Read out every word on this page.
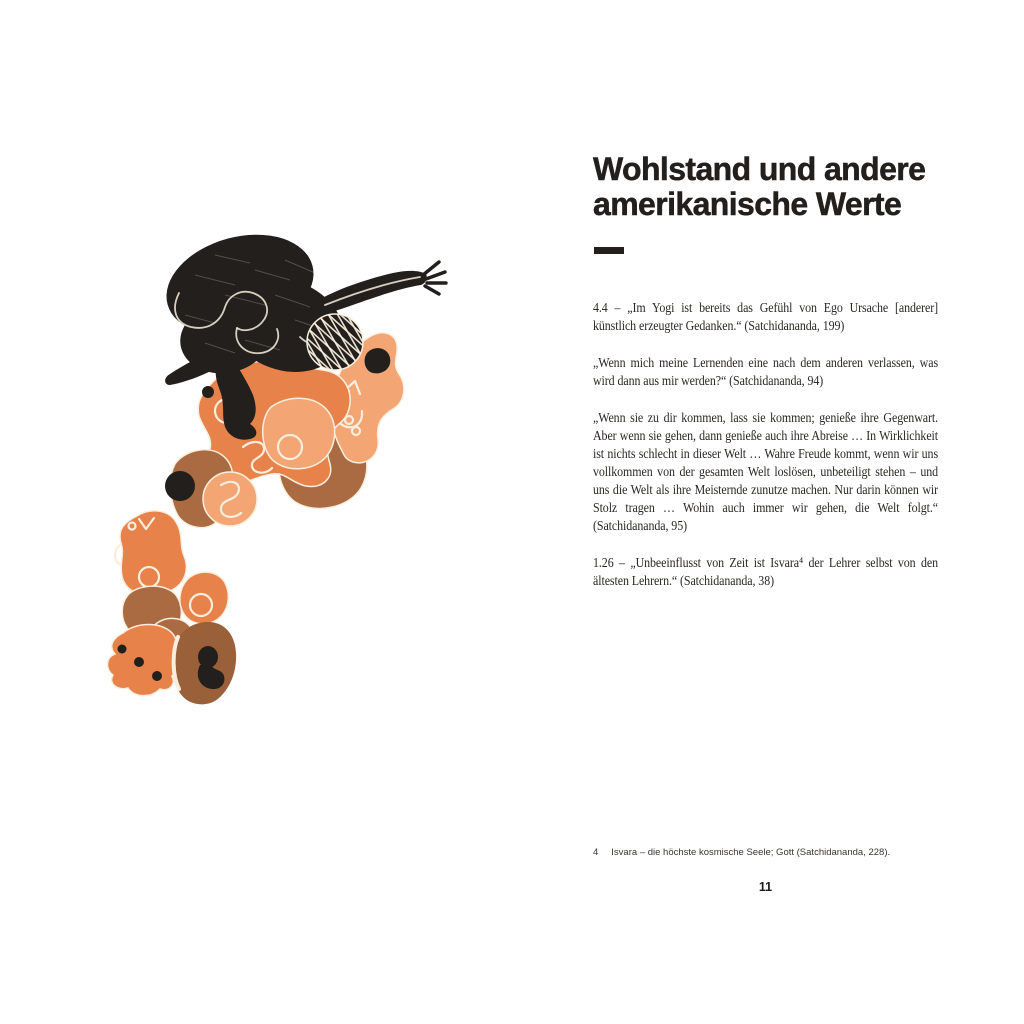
Wohlstand und andere amerikanische Werte

4.4 – „Im Yogi ist bereits das Gefühl von Ego Ursache [anderer] künstlich erzeugter Gedanken.“ (Satchidananda, 199)

„Wenn mich meine Lernenden eine nach dem anderen verlassen, was wird dann aus mir werden?“ (Satchidananda, 94)

„Wenn sie zu dir kommen, lass sie kommen; genieße ihre Gegenwart. Aber wenn sie gehen, dann genieße auch ihre Abreise … In Wirklichkeit ist nichts schlecht in dieser Welt … Wahre Freude kommt, wenn wir uns vollkommen von der gesamten Welt loslösen, unbeteiligt stehen – und uns die Welt als ihre Meisternde zunutze machen. Nur darin können wir Stolz tragen … Wohin auch immer wir gehen, die Welt folgt.“ (Satchidananda, 95)

1.26 – „Unbeeinflusst von Zeit ist Isvara⁴ der Lehrer selbst von den ältesten Lehrern.“ (Satchidananda, 38)

4 Isvara – die höchste kosmische Seele; Gott (Satchidananda, 228).
11
